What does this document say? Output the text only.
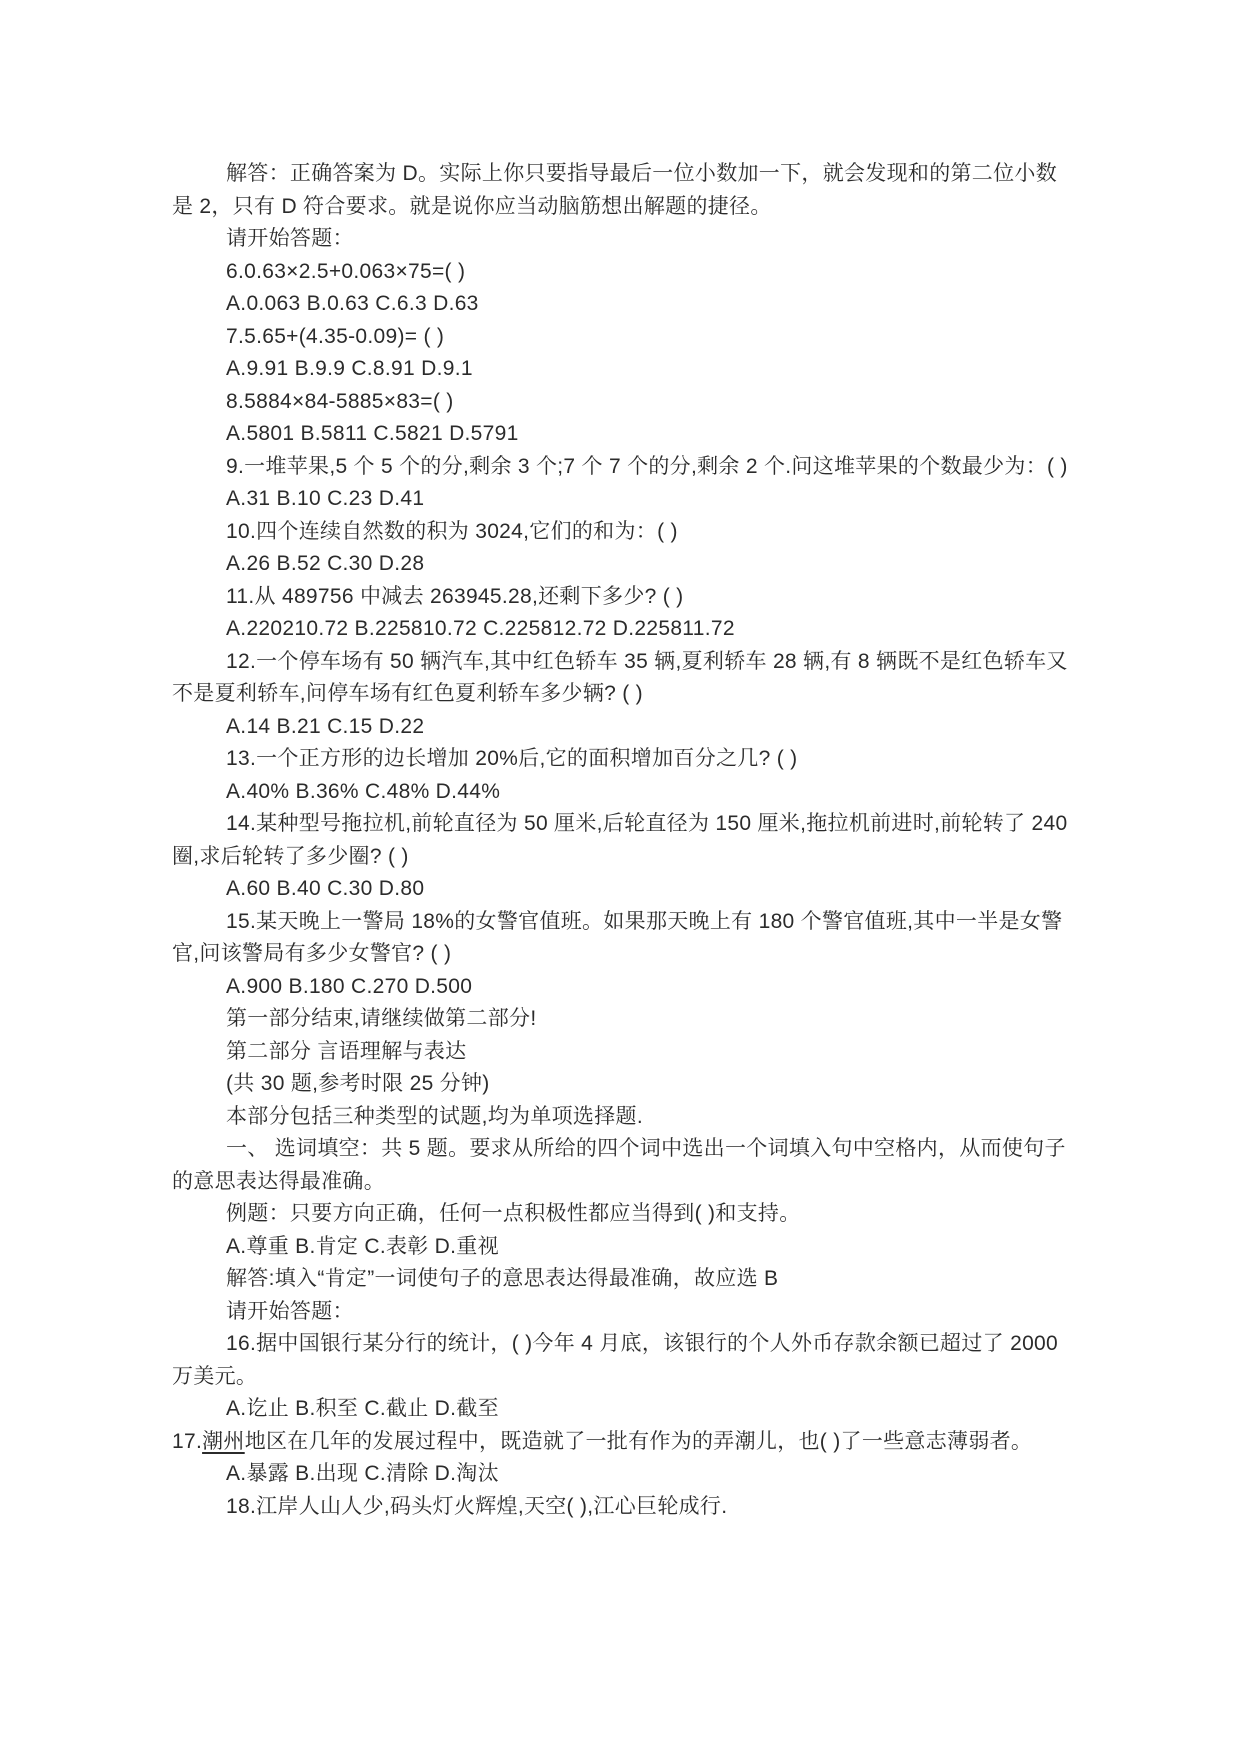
解答：正确答案为 D。实际上你只要指导最后一位小数加一下，就会发现和的第二位小数是 2，只有 D 符合要求。就是说你应当动脑筋想出解题的捷径。

请开始答题：

6.0.63×2.5+0.063×75=( )

A.0.063 B.0.63 C.6.3 D.63

7.5.65+(4.35-0.09)= ( )

A.9.91 B.9.9 C.8.91 D.9.1

8.5884×84-5885×83=( )

A.5801 B.5811 C.5821 D.5791

9.一堆苹果,5 个 5 个的分,剩余 3 个;7 个 7 个的分,剩余 2 个.问这堆苹果的个数最少为：( )

A.31 B.10 C.23 D.41

10.四个连续自然数的积为 3024,它们的和为：( )

A.26 B.52 C.30 D.28

11.从 489756 中减去 263945.28,还剩下多少? ( )

A.220210.72 B.225810.72 C.225812.72 D.225811.72

12.一个停车场有 50 辆汽车,其中红色轿车 35 辆,夏利轿车 28 辆,有 8 辆既不是红色轿车又不是夏利轿车,问停车场有红色夏利轿车多少辆? ( )

A.14 B.21 C.15 D.22

13.一个正方形的边长增加 20%后,它的面积增加百分之几? ( )

A.40% B.36% C.48% D.44%

14.某种型号拖拉机,前轮直径为 50 厘米,后轮直径为 150 厘米,拖拉机前进时,前轮转了 240 圈,求后轮转了多少圈? ( )

A.60 B.40 C.30 D.80

15.某天晚上一警局 18%的女警官值班。如果那天晚上有 180 个警官值班,其中一半是女警官,问该警局有多少女警官? ( )

A.900 B.180 C.270 D.500

第一部分结束,请继续做第二部分!

第二部分 言语理解与表达

(共 30 题,参考时限 25 分钟)

本部分包括三种类型的试题,均为单项选择题.

一、 选词填空：共 5 题。要求从所给的四个词中选出一个词填入句中空格内，从而使句子的意思表达得最准确。

例题：只要方向正确，任何一点积极性都应当得到( )和支持。

A.尊重 B.肯定 C.表彰 D.重视

解答:填入“肯定”一词使句子的意思表达得最准确，故应选 B

请开始答题：

16.据中国银行某分行的统计，( )今年 4 月底，该银行的个人外币存款余额已超过了 2000 万美元。

A.讫止 B.积至 C.截止 D.截至

17.潮州地区在几年的发展过程中，既造就了一批有作为的弄潮儿，也( )了一些意志薄弱者。

A.暴露 B.出现 C.清除 D.淘汰

18.江岸人山人少,码头灯火辉煌,天空( ),江心巨轮成行.
